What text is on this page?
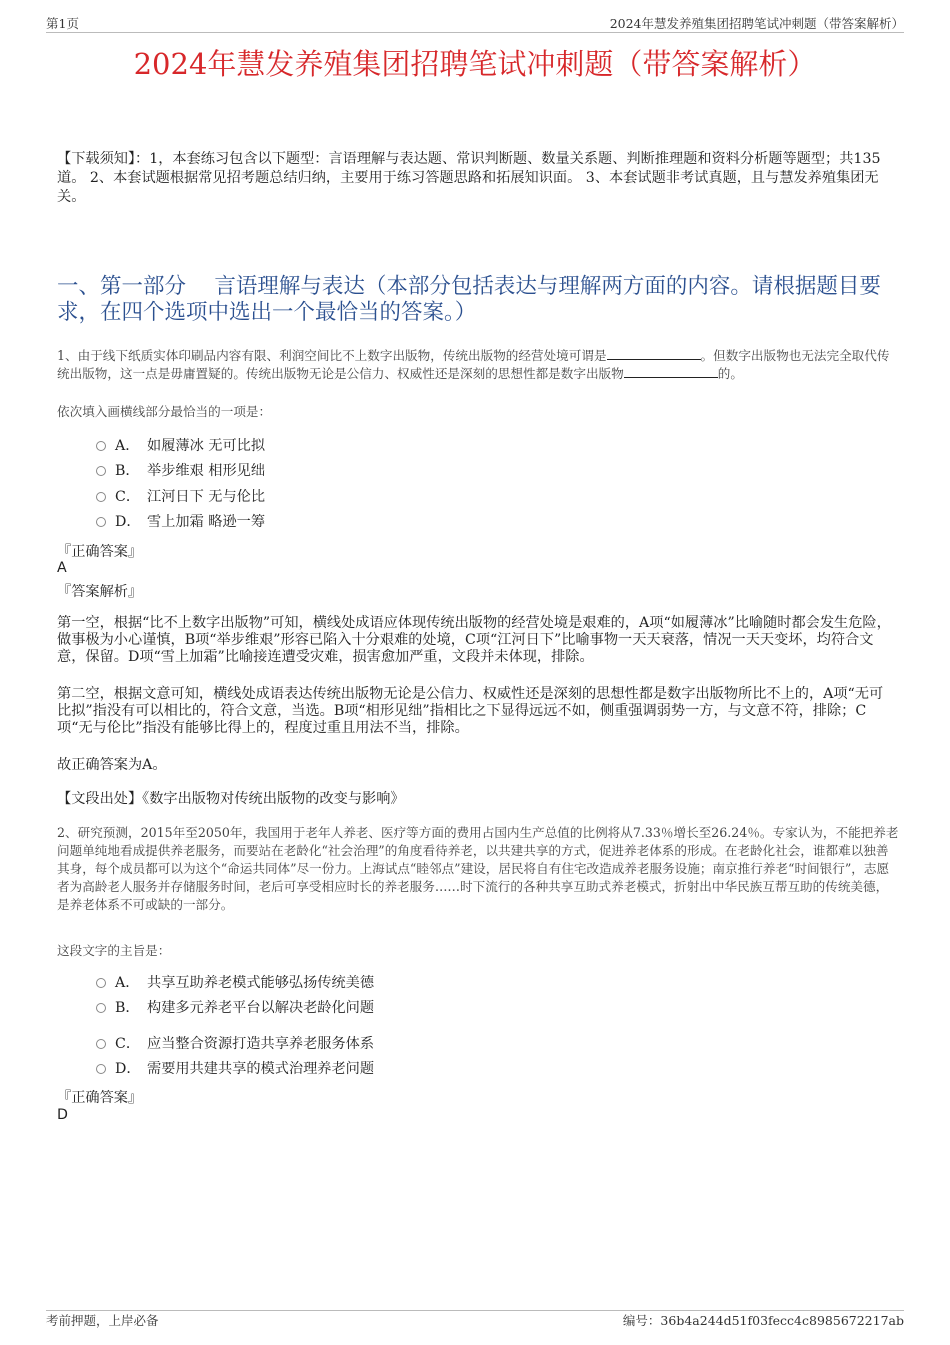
第1页	2024年慧发养殖集团招聘笔试冲刺题（带答案解析）
2024年慧发养殖集团招聘笔试冲刺题（带答案解析）
【下载须知】：1，本套练习包含以下题型：言语理解与表达题、常识判断题、数量关系题、判断推理题和资料分析题等题型；共135道。 2、本套试题根据常见招考题总结归纳，主要用于练习答题思路和拓展知识面。 3、本套试题非考试真题，且与慧发养殖集团无关。
一、第一部分　 言语理解与表达（本部分包括表达与理解两方面的内容。请根据题目要求，在四个选项中选出一个最恰当的答案。）
1、由于线下纸质实体印刷品内容有限、利润空间比不上数字出版物，传统出版物的经营处境可谓是	。但数字出版物也无法完全取代传统出版物，这一点是毋庸置疑的。传统出版物无论是公信力、权威性还是深刻的思想性都是数字出版物	的。
依次填入画横线部分最恰当的一项是：
A． 如履薄冰 无可比拟
B． 举步维艰 相形见绌
C． 江河日下 无与伦比
D． 雪上加霜 略逊一筹
『正确答案』
A
『答案解析』
第一空，根据“比不上数字出版物”可知，横线处成语应体现传统出版物的经营处境是艰难的，A项“如履薄冰”比喻随时都会发生危险，做事极为小心谨慎，B项“举步维艰”形容已陷入十分艰难的处境，C项“江河日下”比喻事物一天天衰落，情况一天天变坏，均符合文意，保留。D项“雪上加霜”比喻接连遭受灾难，损害愈加严重，文段并未体现，排除。
第二空，根据文意可知，横线处成语表达传统出版物无论是公信力、权威性还是深刻的思想性都是数字出版物所比不上的，A项“无可比拟”指没有可以相比的，符合文意，当选。B项“相形见绌”指相比之下显得远远不如，侧重强调弱势一方，与文意不符，排除；C项“无与伦比”指没有能够比得上的，程度过重且用法不当，排除。
故正确答案为A。
【文段出处】《数字出版物对传统出版物的改变与影响》
2、研究预测，2015年至2050年，我国用于老年人养老、医疗等方面的费用占国内生产总值的比例将从7.33％增长至26.24％。专家认为，不能把养老问题单纯地看成提供养老服务，而要站在老龄化“社会治理”的角度看待养老，以共建共享的方式，促进养老体系的形成。在老龄化社会，谁都难以独善其身，每个成员都可以为这个“命运共同体”尽一份力。上海试点“睦邻点”建设，居民将自有住宅改造成养老服务设施；南京推行养老“时间银行”，志愿者为高龄老人服务并存储服务时间，老后可享受相应时长的养老服务……时下流行的各种共享互助式养老模式，折射出中华民族互帮互助的传统美德，是养老体系不可或缺的一部分。
这段文字的主旨是：
A． 共享互助养老模式能够弘扬传统美德
B． 构建多元养老平台以解决老龄化问题
C． 应当整合资源打造共享养老服务体系
D． 需要用共建共享的模式治理养老问题
『正确答案』
D
考前押题，上岸必备	编号：36b4a244d51f03fecc4c8985672217ab
